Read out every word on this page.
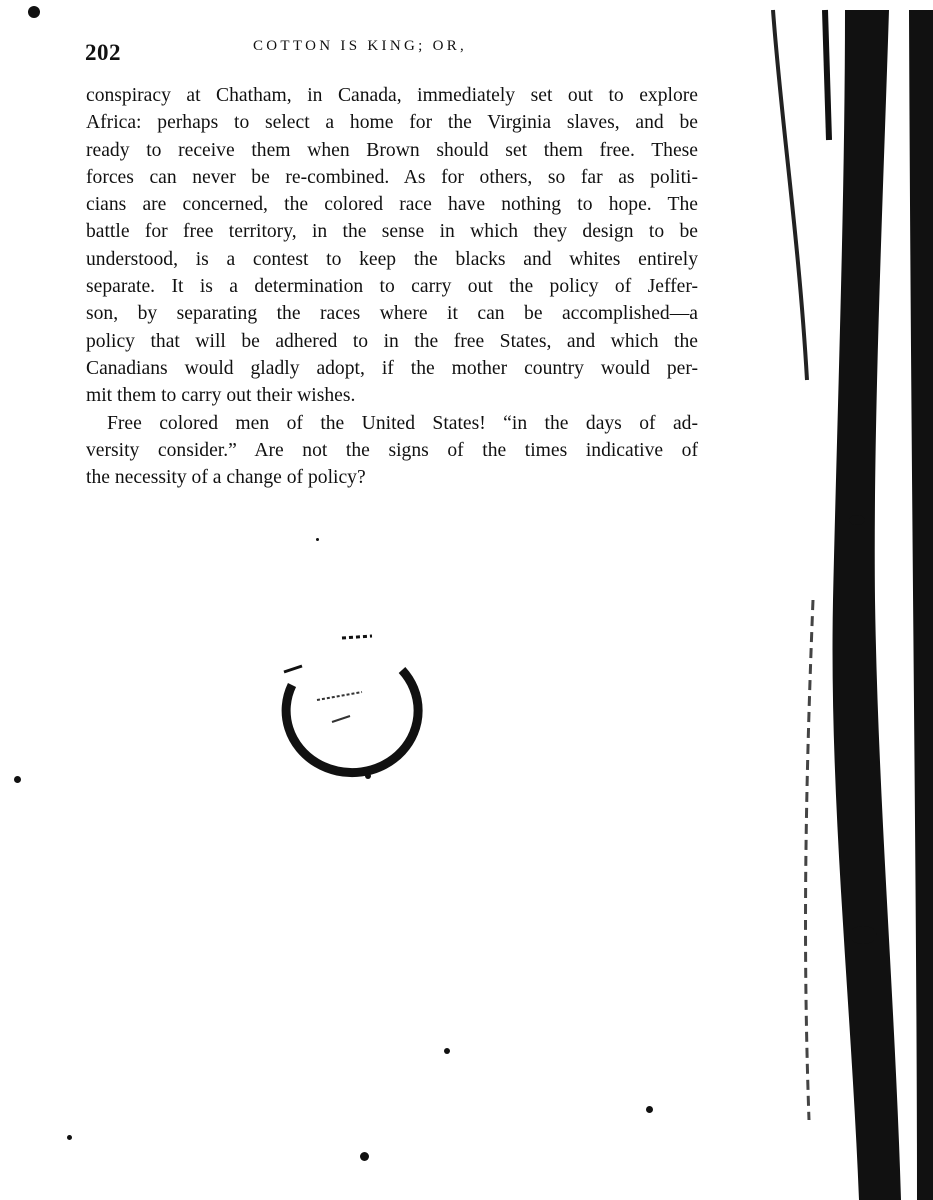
202	COTTON IS KING; OR,

conspiracy at Chatham, in Canada, immediately set out to explore
Africa: perhaps to select a home for the Virginia slaves, and be
ready to receive them when Brown should set them free. These
forces can never be re-combined. As for others, so far as politi-
cians are concerned, the colored race have nothing to hope. The
battle for free territory, in the sense in which they design to be
understood, is a contest to keep the blacks and whites entirely
separate. It is a determination to carry out the policy of Jeffer-
son, by separating the races where it can be accomplished—a
policy that will be adhered to in the free States, and which the
Canadians would gladly adopt, if the mother country would per-
mit them to carry out their wishes.

Free colored men of the United States! “in the days of ad-
versity consider.” Are not the signs of the times indicative of
the necessity of a change of policy?
